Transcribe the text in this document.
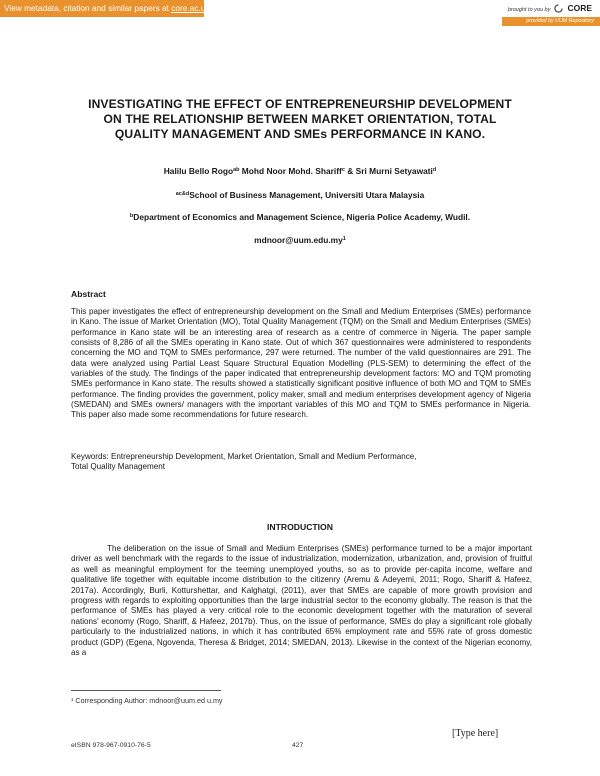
View metadata, citation and similar papers at core.ac.uk	brought to you by CORE
provided by UUM Repository
INVESTIGATING THE EFFECT OF ENTREPRENEURSHIP DEVELOPMENT ON THE RELATIONSHIP BETWEEN MARKET ORIENTATION, TOTAL QUALITY MANAGEMENT AND SMEs PERFORMANCE IN KANO.
Halilu Bello Rogo$^{ab}$ Mohd Noor Mohd. Shariff$^c$ & Sri Murni Setyawati$^d$
$^{ac\&d}$School of Business Management, Universiti Utara Malaysia
$^b$Department of Economics and Management Science, Nigeria Police Academy, Wudil.
$mdnoor@uum.edu.my^1$
Abstract

This paper investigates the effect of entrepreneurship development on the Small and Medium Enterprises (SMEs) performance in Kano. The issue of Market Orientation (MO), Total Quality Management (TQM) on the Small and Medium Enterprises (SMEs) performance in Kano state will be an interesting area of research as a centre of commerce in Nigeria. The paper sample consists of 8,286 of all the SMEs operating in Kano state. Out of which 367 questionnaires were administered to respondents concerning the MO and TQM to SMEs performance, 297 were returned. The number of the valid questionnaires are 291. The data were analyzed using Partial Least Square Structural Equation Modelling (PLS-SEM) to determining the effect of the variables of the study. The findings of the paper indicated that entrepreneurship development factors: MO and TQM promoting SMEs performance in Kano state. The results showed a statistically significant positive influence of both MO and TQM to SMEs performance. The finding provides the government, policy maker, small and medium enterprises development agency of Nigeria (SMEDAN) and SMEs owners/ managers with the important variables of this MO and TQM to SMEs performance in Nigeria. This paper also made some recommendations for future research.

Keywords: Entrepreneurship Development, Market Orientation, Small and Medium Performance,
Total Quality Management

INTRODUCTION

The deliberation on the issue of Small and Medium Enterprises (SMEs) performance turned to be a major important driver as well benchmark with the regards to the issue of industrialization, modernization, urbanization, and, provision of fruitful as well as meaningful employment for the teeming unemployed youths, so as to provide per-capita income, welfare and qualitative life together with equitable income distribution to the citizenry (Aremu & Adeyemi, 2011; Rogo, Shariff & Hafeez, 2017a). Accordingly, Burli, Kotturshettar, and Kalghatgi, (2011), aver that SMEs are capable of more growth provision and progress with regards to exploiting opportunities than the large industrial sector to the economy globally. The reason is that the performance of SMEs has played a very critical role to the economic development together with the maturation of several nations' economy (Rogo, Shariff, & Hafeez, 2017b). Thus, on the issue of performance, SMEs do play a significant role globally particularly to the industrialized nations, in which it has contributed 65% employment rate and 55% rate of gross domestic product (GDP) (Egena, Ngovenda, Theresa & Bridget, 2014; SMEDAN, 2013). Likewise in the context of the Nigerian economy, as a

¹ Corresponding Author: mdnoor@uum.ed u.my
[Type here]
eISBN 978-967-0910-76-5	427
